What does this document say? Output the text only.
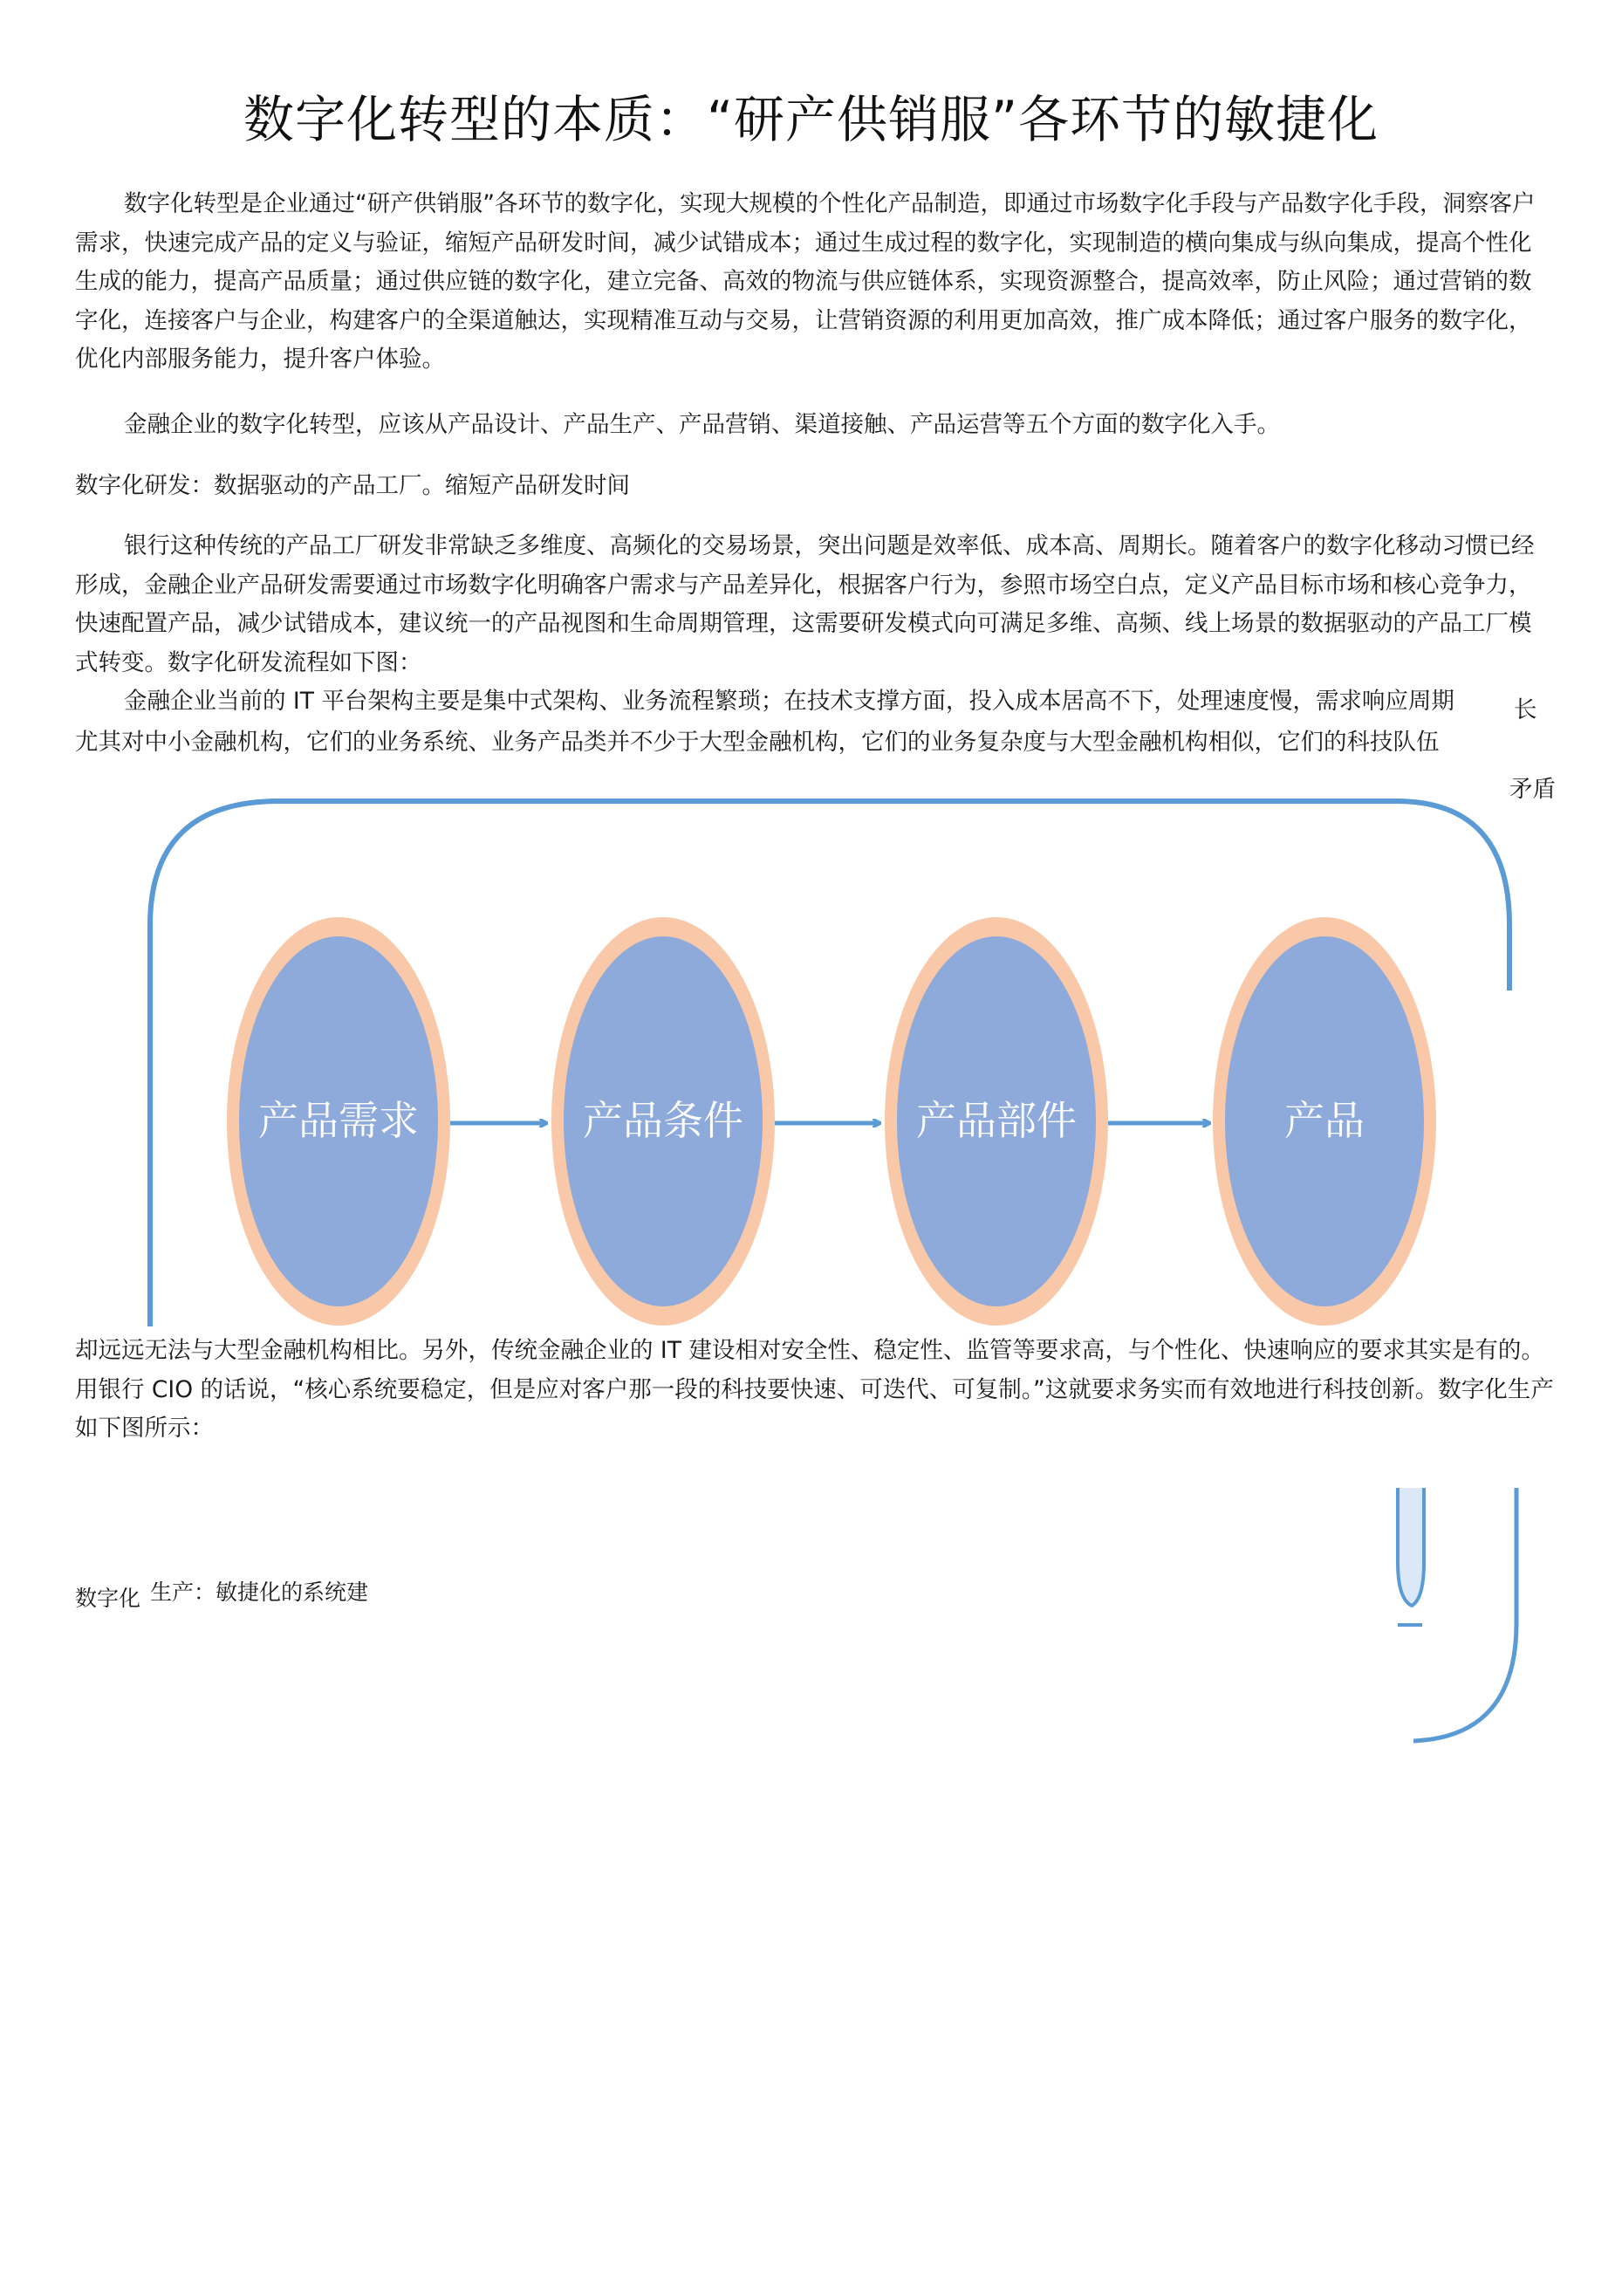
数字化转型的本质：“研产供销服”各环节的敏捷化

数字化转型是企业通过“研产供销服”各环节的数字化，实现大规模的个性化产品制造，即通过市场数字化手段与产品数字化手段，洞察客户需求，快速完成产品的定义与验证，缩短产品研发时间，减少试错成本；通过生成过程的数字化，实现制造的横向集成与纵向集成，提高个性化生成的能力，提高产品质量；通过供应链的数字化，建立完备、高效的物流与供应链体系，实现资源整合，提高效率，防止风险；通过营销的数字化，连接客户与企业，构建客户的全渠道触达，实现精准互动与交易，让营销资源的利用更加高效，推广成本降低；通过客户服务的数字化，优化内部服务能力，提升客户体验。

金融企业的数字化转型，应该从产品设计、产品生产、产品营销、渠道接触、产品运营等五个方面的数字化入手。

数字化研发：数据驱动的产品工厂。缩短产品研发时间

银行这种传统的产品工厂研发非常缺乏多维度、高频化的交易场景，突出问题是效率低、成本高、周期长。随着客户的数字化移动习惯已经形成，金融企业产品研发需要通过市场数字化明确客户需求与产品差异化，根据客户行为，参照市场空白点，定义产品目标市场和核心竞争力，快速配置产品，减少试错成本，建议统一的产品视图和生命周期管理，这需要研发模式向可满足多维、高频、线上场景的数据驱动的产品工厂模式转变。数字化研发流程如下图：

金融企业当前的 IT 平台架构主要是集中式架构、业务流程繁琐；在技术支撑方面，投入成本居高不下，处理速度慢，需求响应周期	长
尤其对中小金融机构，它们的业务系统、业务产品类并不少于大型金融机构，它们的业务复杂度与大型金融机构相似，它们的科技队伍
矛盾
产品需求	产品条件	产品部件	产品

却远远无法与大型金融机构相比。另外，传统金融企业的 IT 建设相对安全性、稳定性、监管等要求高，与个性化、快速响应的要求其实是有的。用银行 CIO 的话说，“核心系统要稳定，但是应对客户那一段的科技要快速、可迭代、可复制。”这就要求务实而有效地进行科技创新。数字化生产如下图所示：

数字化 生产：敏捷化的系统建
